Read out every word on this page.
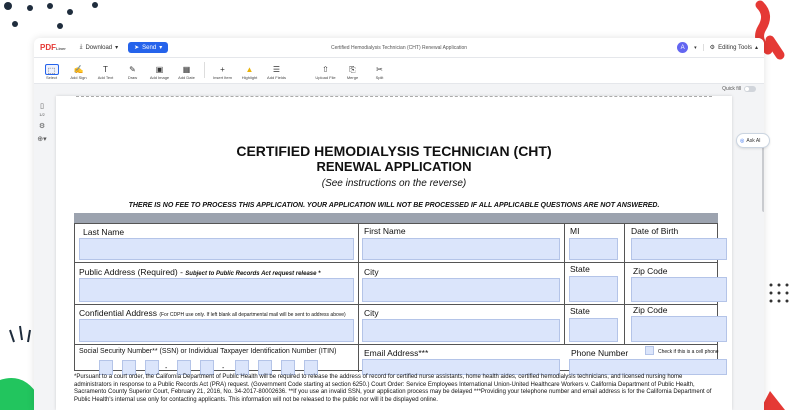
PDFLiner ⤓ Download ▾	➤ Send ▾	Certified Hemodialysis Technician (CHT) Renewal Application	A	▾ ⚙ Editing Tools ▴
⬚
Select
✍
Add Sign
T
Add Text
✎
Draw
▣
Add Image
▦
Add Date
+
Insert Item
▲
Highlight
☰
Add Fields
⇧
Upload File
⎘
Merge
✂
Split
Quick fill
▯
1/2
⚙
⊕▾
CERTIFIED HEMODIALYSIS TECHNICIAN (CHT)
RENEWAL APPLICATION
(See instructions on the reverse)
THERE IS NO FEE TO PROCESS THIS APPLICATION. YOUR APPLICATION WILL NOT BE PROCESSED IF ALL APPLICABLE QUESTIONS ARE NOT ANSWERED.
Last Name	First Name	MI	Date of Birth
Public Address (Required) - Subject to Public Records Act request release *	City	State	Zip Code
Confidential Address (For CDPH use only. If left blank all departmental mail will be sent to address above) City	State	Zip Code
Social Security Number** (SSN) or Individual Taxpayer Identification Number (ITIN)
-	-
Email Address***	Phone Number	Check if this is a cell phone
*Pursuant to a court order, the California Department of Public Health will be required to release the address of record for certified nurse assistants, home health aides, certified hemodialysis technicians, and licensed nursing home administrators in response to a Public Records Act (PRA) request. (Government Code starting at section 6250.) Court Order: Service Employees International Union-United Healthcare Workers v. California Department of Public Health, Sacramento County Superior Court, February 21, 2016, No. 34-2017-80002636. **If you use an invalid SSN, your application process may be delayed ***Providing your telephone number and email address is for the California Department of Public Health's internal use only for contacting applicants. This information will not be released to the public nor will it be displayed online.
◎ Ask AI
